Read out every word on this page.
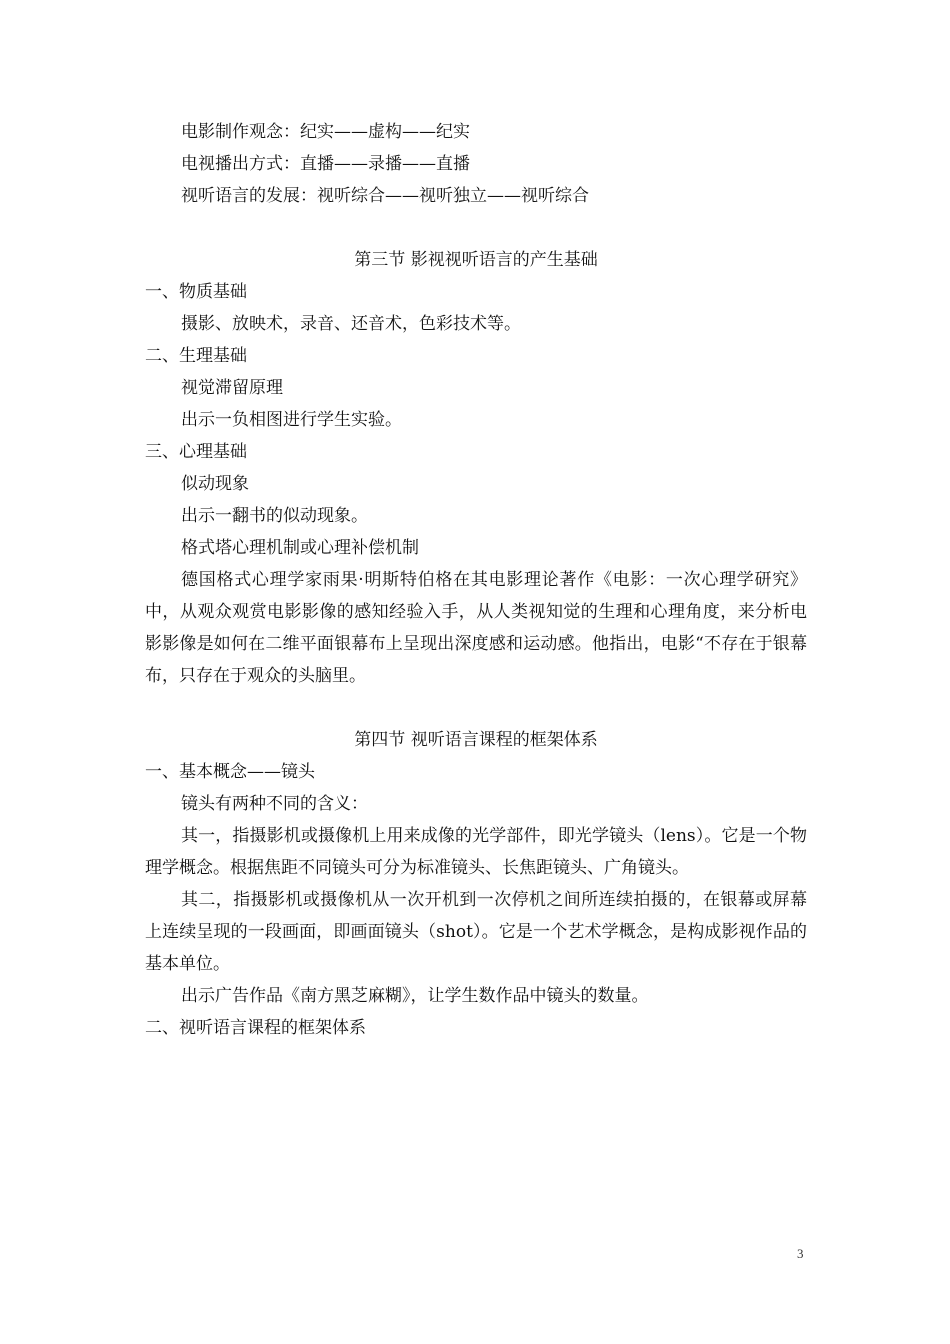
电影制作观念：纪实——虚构——纪实
电视播出方式：直播——录播——直播
视听语言的发展：视听综合——视听独立——视听综合
第三节 影视视听语言的产生基础
一、物质基础
摄影、放映术，录音、还音术，色彩技术等。
二、生理基础
视觉滞留原理
出示一负相图进行学生实验。
三、心理基础
似动现象
出示一翻书的似动现象。
格式塔心理机制或心理补偿机制

德国格式心理学家雨果·明斯特伯格在其电影理论著作《电影：一次心理学研究》中，从观众观赏电影影像的感知经验入手，从人类视知觉的生理和心理角度，来分析电影影像是如何在二维平面银幕布上呈现出深度感和运动感。他指出，电影“不存在于银幕布，只存在于观众的头脑里。

第四节 视听语言课程的框架体系
一、基本概念——镜头
镜头有两种不同的含义：

其一，指摄影机或摄像机上用来成像的光学部件，即光学镜头（lens）。它是一个物理学概念。根据焦距不同镜头可分为标准镜头、长焦距镜头、广角镜头。

其二，指摄影机或摄像机从一次开机到一次停机之间所连续拍摄的，在银幕或屏幕上连续呈现的一段画面，即画面镜头（shot）。它是一个艺术学概念，是构成影视作品的基本单位。

出示广告作品《南方黑芝麻糊》，让学生数作品中镜头的数量。

二、视听语言课程的框架体系
3
